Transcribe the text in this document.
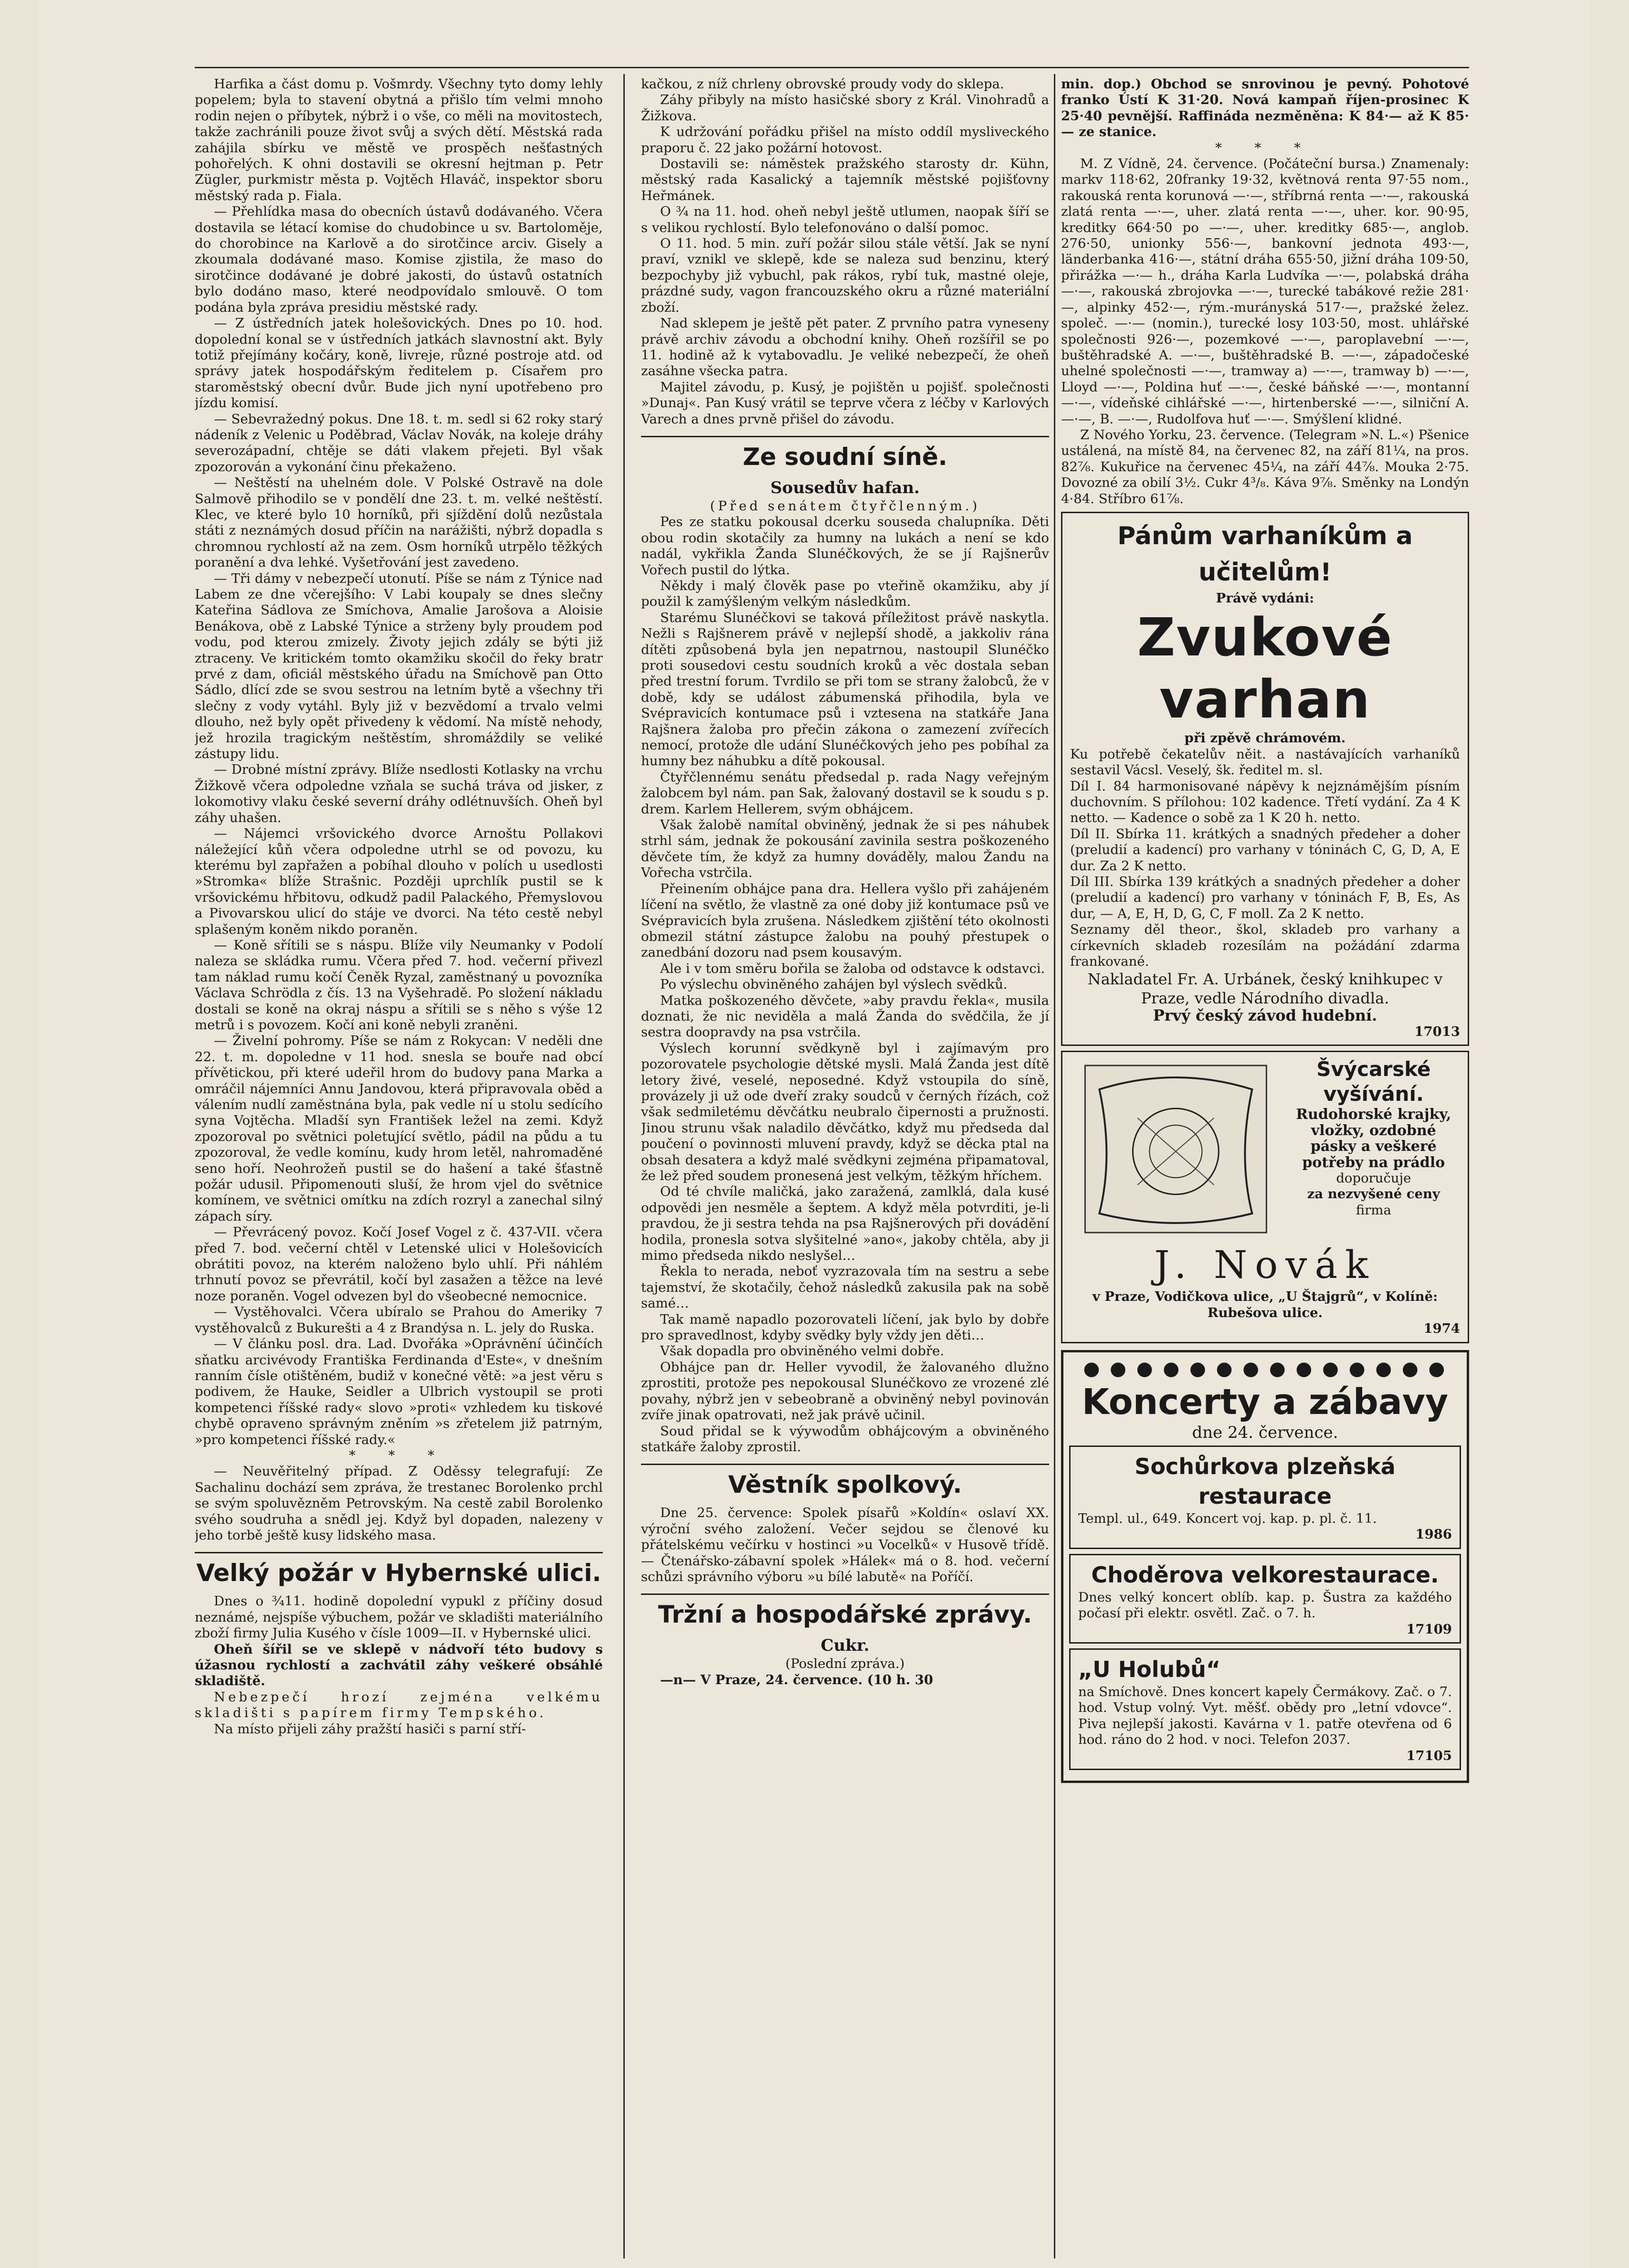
Harfika a část domu p. Vošmrdy. Všechny tyto domy lehly popelem; byla to stavení obytná a přišlo tím velmi mnoho rodin nejen o příbytek, nýbrž i o vše, co měli na movitostech, takže zachránili pouze život svůj a svých dětí. Městská rada zahájila sbírku ve městě ve prospěch nešťastných pohořelých. K ohni dostavili se okresní hejtman p. Petr Zügler, purkmistr města p. Vojtěch Hlaváč, inspektor sboru městský rada p. Fiala.

— Přehlídka masa do obecních ústavů dodávaného. Včera dostavila se létací komise do chudobince u sv. Bartoloměje, do chorobince na Karlově a do sirotčince arciv. Gisely a zkoumala dodávané maso. Komise zjistila, že maso do sirotčince dodávané je dobré jakosti, do ústavů ostatních bylo dodáno maso, které neodpovídalo smlouvě. O tom podána byla zpráva presidiu městské rady.

— Z ústředních jatek holešovických. Dnes po 10. hod. dopolední konal se v ústředních jatkách slavnostní akt. Byly totiž přejímány kočáry, koně, livreje, různé postroje atd. od správy jatek hospodářským ředitelem p. Císařem pro staroměstský obecní dvůr. Bude jich nyní upotřebeno pro jízdu komisí.

— Sebevražedný pokus. Dne 18. t. m. sedl si 62 roky starý nádeník z Velenic u Poděbrad, Václav Novák, na koleje dráhy severozápadní, chtěje se dáti vlakem přejeti. Byl však zpozorován a vykonání činu překaženo.

— Neštěstí na uhelném dole. V Polské Ostravě na dole Salmově přihodilo se v pondělí dne 23. t. m. velké neštěstí. Klec, ve které bylo 10 horníků, při sjíždění dolů nezůstala státi z neznámých dosud příčin na narážišti, nýbrž dopadla s chromnou rychlostí až na zem. Osm horníků utrpělo těžkých poranění a dva lehké. Vyšetřování jest zavedeno.

— Tři dámy v nebezpečí utonutí. Píše se nám z Týnice nad Labem ze dne včerejšího: V Labi koupaly se dnes slečny Kateřina Sádlova ze Smíchova, Amalie Jarošova a Aloisie Benákova, obě z Labské Týnice a strženy byly proudem pod vodu, pod kterou zmizely. Životy jejich zdály se býti již ztraceny. Ve kritickém tomto okamžiku skočil do řeky bratr prvé z dam, oficiál městského úřadu na Smíchově pan Otto Sádlo, dlící zde se svou sestrou na letním bytě a všechny tři slečny z vody vytáhl. Byly již v bezvědomí a trvalo velmi dlouho, než byly opět přivedeny k vědomí. Na místě nehody, jež hrozila tragickým neštěstím, shromáždily se veliké zástupy lidu.

— Drobné místní zprávy. Blíže nsedlosti Kotlasky na vrchu Žižkově včera odpoledne vzňala se suchá tráva od jisker, z lokomotivy vlaku české severní dráhy odlétnuvších. Oheň byl záhy uhašen.

— Nájemci vršovického dvorce Arnoštu Pollakovi náležející kůň včera odpoledne utrhl se od povozu, ku kterému byl zapřažen a pobíhal dlouho v polích u usedlosti »Stromka« blíže Strašnic. Později uprchlík pustil se k vršovickému hřbitovu, odkudž padil Palackého, Přemyslovou a Pivovarskou ulicí do stáje ve dvorci. Na této cestě nebyl splašeným koněm nikdo poraněn.

— Koně sřítili se s náspu. Blíže vily Neumanky v Podolí naleza se skládka rumu. Včera před 7. hod. večerní přivezl tam náklad rumu kočí Čeněk Ryzal, zaměstnaný u povozníka Václava Schrödla z čís. 13 na Vyšehradě. Po složení nákladu dostali se koně na okraj náspu a sřítili se s něho s výše 12 metrů i s povozem. Kočí ani koně nebyli zraněni.

— Živelní pohromy. Píše se nám z Rokycan: V neděli dne 22. t. m. dopoledne v 11 hod. snesla se bouře nad obcí přívětickou, při které udeřil hrom do budovy pana Marka a omráčil nájemníci Annu Jandovou, která připravovala oběd a válením nudlí zaměstnána byla, pak vedle ní u stolu sedícího syna Vojtěcha. Mladší syn František ležel na zemi. Když zpozoroval po světnici poletující světlo, pádil na půdu a tu zpozoroval, že vedle komínu, kudy hrom letěl, nahromaděné seno hoří. Neohrožeň pustil se do hašení a také šťastně požár udusil. Připomenouti sluší, že hrom vjel do světnice komínem, ve světnici omítku na zdích rozryl a zanechal silný zápach síry.

— Převrácený povoz. Kočí Josef Vogel z č. 437-VII. včera před 7. bod. večerní chtěl v Letenské ulici v Holešovicích obrátiti povoz, na kterém naloženo bylo uhlí. Při náhlém trhnutí povoz se převrátil, kočí byl zasažen a těžce na levé noze poraněn. Vogel odvezen byl do všeobecné nemocnice.

— Vystěhovalci. Včera ubíralo se Prahou do Ameriky 7 vystěhovalců z Bukurešti a 4 z Brandýsa n. L. jely do Ruska.

— V článku posl. dra. Lad. Dvořáka »Oprávnění účinčích sňatku arcivévody Františka Ferdinanda d'Este«, v dnešním ranním čísle otištěném, budiž v konečné větě: »a jest věru s podivem, že Hauke, Seidler a Ulbrich vystoupil se proti kompetenci říšské rady« slovo »proti« vzhledem ku tiskové chybě opraveno správným zněním »s zřetelem již patrným, »pro kompetenci říšské rady.«

* * *

— Neuvěřitelný případ. Z Oděssy telegrafují: Ze Sachalinu dochází sem zpráva, že trestanec Borolenko prchl se svým spoluvězněm Petrovským. Na cestě zabil Borolenko svého soudruha a snědl jej. Když byl dopaden, nalezeny v jeho torbě ještě kusy lidského masa.

Velký požár v Hybernské ulici.

Dnes o ¾11. hodině dopolední vypukl z příčiny dosud neznámé, nejspíše výbuchem, požár ve skladišti materiálního zboží firmy Julia Kusého v čísle 1009—II. v Hybernské ulici.

Oheň šířil se ve sklepě v nádvoří této budovy s úžasnou rychlostí a zachvátil záhy veškeré obsáhlé skladiště.

Nebezpečí hrozí zejména velkému skladišti s papírem firmy Tempského.

Na místo přijeli záhy pražští hasiči s parní stří-

kačkou, z níž chrleny obrovské proudy vody do sklepa.

Záhy přibyly na místo hasičské sbory z Král. Vinohradů a Žižkova.

K udržování pořádku přišel na místo oddíl mysliveckého praporu č. 22 jako požární hotovost.

Dostavili se: náměstek pražského starosty dr. Kühn, městský rada Kasalický a tajemník městské pojišťovny Heřmánek.

O ¾ na 11. hod. oheň nebyl ještě utlumen, naopak šíří se s velikou rychlostí. Bylo telefonováno o další pomoc.

O 11. hod. 5 min. zuří požár silou stále větší. Jak se nyní praví, vznikl ve sklepě, kde se naleza sud benzinu, který bezpochyby již vybuchl, pak rákos, rybí tuk, mastné oleje, prázdné sudy, vagon francouzského okru a různé materiální zboží.

Nad sklepem je ještě pět pater. Z prvního patra vyneseny právě archiv závodu a obchodní knihy. Oheň rozšířil se po 11. hodině až k vytabovadlu. Je veliké nebezpečí, že oheň zasáhne všecka patra.

Majitel závodu, p. Kusý, je pojištěn u pojišť. společnosti »Dunaj«. Pan Kusý vrátil se teprve včera z léčby v Karlových Varech a dnes prvně přišel do závodu.

Ze soudní síně.
Sousedův hafan.

(Před senátem čtyřčlenným.)

Pes ze statku pokousal dcerku souseda chalupníka. Děti obou rodin skotačily za humny na lukách a není se kdo nadál, vykřikla Žanda Slunéčkových, že se jí Rajšnerův Vořech pustil do lýtka.

Někdy i malý člověk pase po vteřině okamžiku, aby jí použil k zamýšleným velkým následkům.

Starému Slunéčkovi se taková příležitost právě naskytla. Nežli s Rajšnerem právě v nejlepší shodě, a jakkoliv rána dítěti způsobená byla jen nepatrnou, nastoupil Slunéčko proti sousedovi cestu soudních kroků a věc dostala seban před trestní forum. Tvrdilo se při tom se strany žalobců, že v době, kdy se událost zábumenská přihodila, byla ve Svépravicích kontumace psů i vztesena na statkáře Jana Rajšnera žaloba pro přečin zákona o zamezení zvířecích nemocí, protože dle udání Slunéčkových jeho pes pobíhal za humny bez náhubku a dítě pokousal.

Čtyřčlennému senátu předsedal p. rada Nagy veřejným žalobcem byl nám. pan Sak, žalovaný dostavil se k soudu s p. drem. Karlem Hellerem, svým obhájcem.

Však žalobě namítal obviněný, jednak že si pes náhubek strhl sám, jednak že pokousání zavinila sestra poškozeného děvčete tím, že když za humny dováděly, malou Žandu na Vořecha vstrčila.

Přeinením obhájce pana dra. Hellera vyšlo při zahájeném líčení na světlo, že vlastně za oné doby již kontumace psů ve Svépravicích byla zrušena. Následkem zjištění této okolnosti obmezil státní zástupce žalobu na pouhý přestupek o zanedbání dozoru nad psem kousavým.

Ale i v tom směru bořila se žaloba od odstavce k odstavci.

Po výslechu obviněného zahájen byl výslech svědků.

Matka poškozeného děvčete, »aby pravdu řekla«, musila doznati, že nic neviděla a malá Žanda do svědčila, že jí sestra doopravdy na psa vstrčila.

Výslech korunní svědkyně byl i zajímavým pro pozorovatele psychologie dětské mysli. Malá Žanda jest dítě letory živé, veselé, neposedné. Když vstoupila do síně, provázely ji už ode dveří zraky soudců v černých řízách, což však sedmiletému děvčátku neubralo čipernosti a pružnosti. Jinou strunu však naladilo děvčátko, když mu předseda dal poučení o povinnosti mluvení pravdy, když se děcka ptal na obsah desatera a když malé svědkyni zejména připamatoval, že lež před soudem pronesená jest velkým, těžkým hříchem.

Od té chvíle maličká, jako zaražená, zamlklá, dala kusé odpovědi jen nesměle a šeptem. A když měla potvrditi, je-li pravdou, že ji sestra tehda na psa Rajšnerových při dovádění hodila, pronesla sotva slyšitelné »ano«, jakoby chtěla, aby ji mimo předseda nikdo neslyšel…

Řekla to nerada, neboť vyzrazovala tím na sestru a sebe tajemství, že skotačily, čehož následků zakusila pak na sobě samé…

Tak mamě napadlo pozorovateli líčení, jak bylo by dobře pro spravedlnost, kdyby svědky byly vždy jen děti…

Však dopadla pro obviněného velmi dobře.

Obhájce pan dr. Heller vyvodil, že žalovaného dlužno zprostiti, protože pes nepokousal Slunéčkovo ze vrozené zlé povahy, nýbrž jen v sebeobraně a obviněný nebyl povinován zvíře jinak opatrovati, než jak právě učinil.

Soud přidal se k výywodům obhájcovým a obviněného statkáře žaloby zprostil.

Věstník spolkový.

Dne 25. července: Spolek písařů »Koldín« oslaví XX. výroční svého založení. Večer sejdou se členové ku přátelskému večírku v hostinci »u Vocelků« v Husově třídě. — Čtenářsko-zábavní spolek »Hálek« má o 8. hod. večerní schůzi správního výboru »u bílé labutě« na Poříčí.

Tržní a hospodářské zprávy.
Cukr.

(Poslední zpráva.)

—n— V Praze, 24. července. (10 h. 30

min. dop.) Obchod se snrovinou je pevný. Pohotové franko Ústí K 31·20. Nová kampaň říjen-prosinec K 25·40 pevnější. Raffináda nezměněna: K 84·— až K 85·— ze stanice.

* * *

M. Z Vídně, 24. července. (Počáteční bursa.) Znamenaly: markv 118·62, 20franky 19·32, květnová renta 97·55 nom., rakouská renta korunová —·—, stříbrná renta —·—, rakouská zlatá renta —·—, uher. zlatá renta —·—, uher. kor. 90·95, kreditky 664·50 po —·—, uher. kreditky 685·—, anglob. 276·50, unionky 556·—, bankovní jednota 493·—, länderbanka 416·—, státní dráha 655·50, jižní dráha 109·50, přirážka —·— h., dráha Karla Ludvíka —·—, polabská dráha —·—, rakouská zbrojovka —·—, turecké tabákové režie 281·—, alpinky 452·—, rým.-murányská 517·—, pražské želez. společ. —·— (nomin.), turecké losy 103·50, most. uhlářské společnosti 926·—, pozemkové —·—, paroplavební —·—, buštěhradské A. —·—, buštěhradské B. —·—, západočeské uhelné společnosti —·—, tramway a) —·—, tramway b) —·—, Lloyd —·—, Poldina huť —·—, české báňské —·—, montanní —·—, vídeňské cihlářské —·—, hirtenberské —·—, silniční A. —·—, B. —·—, Rudolfova huť —·—. Smýšlení klidné.

Z Nového Yorku, 23. července. (Telegram »N. L.«) Pšenice ustálená, na místě 84, na červenec 82, na září 81¼, na pros. 82⅞. Kukuřice na červenec 45¼, na září 44⅞. Mouka 2·75. Dovozné za obilí 3½. Cukr 4³/₈. Káva 9⅞. Směnky na Londýn 4·84. Stříbro 61⅞.

Pánům varhaníkům a učitelům!

Právě vydáni:

Zvukové varhan

při zpěvě chrámovém.

Ku potřebě čekatelův něit. a nastávajících varhaníků sestavil Vácsl. Veselý, šk. ředitel m. sl.

Díl I. 84 harmonisované nápěvy k nejznámějším písním duchovním. S přílohou: 102 kadence. Třetí vydání. Za 4 K netto. — Kadence o sobě za 1 K 20 h. netto.

Díl II. Sbírka 11. krátkých a snadných předeher a doher (preludií a kadencí) pro varhany v tóninách C, G, D, A, E dur. Za 2 K netto.

Díl III. Sbírka 139 krátkých a snadných předeher a doher (preludií a kadencí) pro varhany v tóninách F, B, Es, As dur, — A, E, H, D, G, C, F moll. Za 2 K netto.

Seznamy děl theor., škol, skladeb pro varhany a církevních skladeb rozesílám na požádání zdarma frankované.

Nakladatel Fr. A. Urbánek, český knihkupec v Praze, vedle Národního divadla.

Prvý český závod hudební.

17013

Švýcarské vyšívání.

Rudohorské krajky, vložky, ozdobné pásky a veškeré potřeby na prádlo

doporučuje

za nezvyšené ceny

firma

J. Novák

v Praze, Vodičkova ulice, „U Štajgrů“, v Kolíně: Rubešova ulice.

1974

● ● ● ● ● ● ● ● ● ● ● ● ● ●
Koncerty a zábavy

dne 24. července.

Sochůrkova plzeňská restaurace

Templ. ul., 649. Koncert voj. kap. p. pl. č. 11.

1986

Choděrova velkorestaurace.

Dnes velký koncert oblíb. kap. p. Šustra za každého počasí při elektr. osvětl. Zač. o 7. h.

17109

„U Holubů“

na Smíchově. Dnes koncert kapely Čermákovy. Zač. o 7. hod. Vstup volný. Vyt. měšť. obědy pro „letní vdovce“. Piva nejlepší jakosti. Kavárna v 1. patře otevřena od 6 hod. ráno do 2 hod. v noci. Telefon 2037.

17105
